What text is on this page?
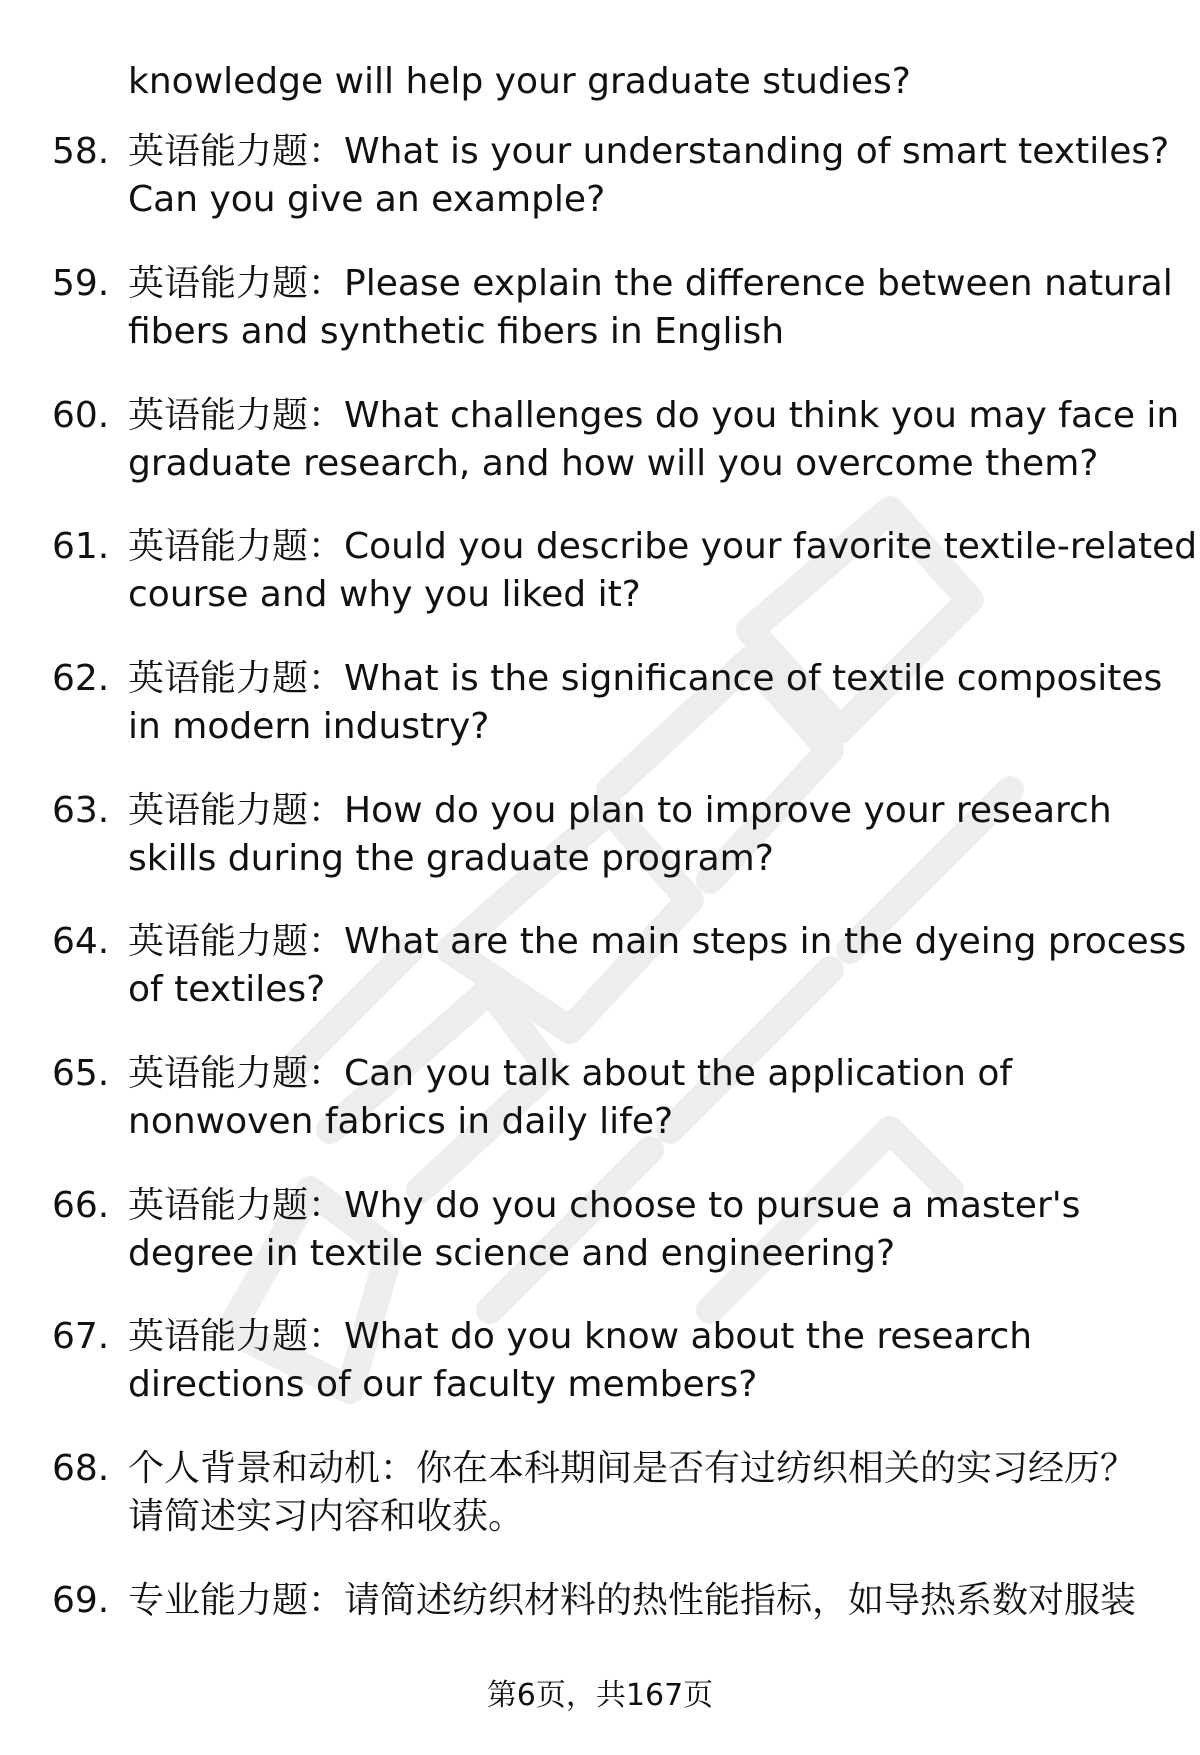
knowledge will help your graduate studies?
58. 英语能力题：What is your understanding of smart textiles?
Can you give an example?
59. 英语能力题：Please explain the difference between natural
fibers and synthetic fibers in English
60. 英语能力题：What challenges do you think you may face in
graduate research, and how will you overcome them?
61. 英语能力题：Could you describe your favorite textile-related
course and why you liked it?
62. 英语能力题：What is the significance of textile composites
in modern industry?
63. 英语能力题：How do you plan to improve your research
skills during the graduate program?
64. 英语能力题：What are the main steps in the dyeing process
of textiles?
65. 英语能力题：Can you talk about the application of
nonwoven fabrics in daily life?
66. 英语能力题：Why do you choose to pursue a master's
degree in textile science and engineering?
67. 英语能力题：What do you know about the research
directions of our faculty members?
68. 个人背景和动机：你在本科期间是否有过纺织相关的实习经历？
请简述实习内容和收获。
69. 专业能力题：请简述纺织材料的热性能指标，如导热系数对服装
第6页，共167页
